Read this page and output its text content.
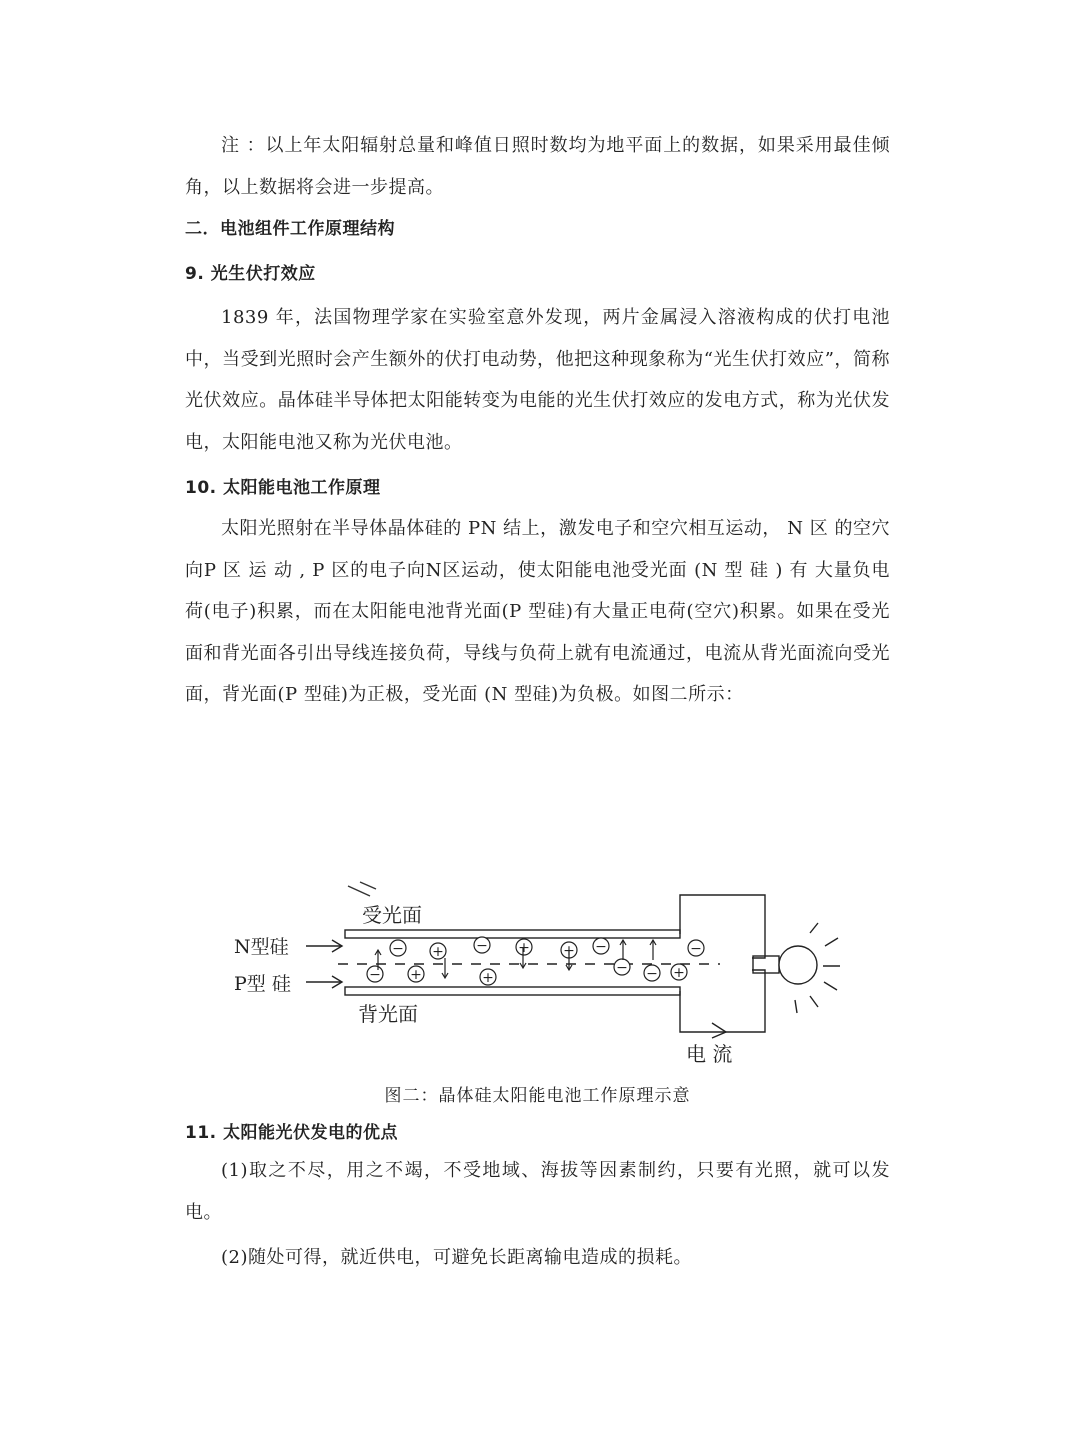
注 ：以上年太阳辐射总量和峰值日照时数均为地平面上的数据，如果采用最佳倾角，以上数据将会进一步提高。

二．电池组件工作原理结构
9. 光生伏打效应

1839 年，法国物理学家在实验室意外发现，两片金属浸入溶液构成的伏打电池中，当受到光照时会产生额外的伏打电动势，他把这种现象称为“光生伏打效应”，简称光伏效应。晶体硅半导体把太阳能转变为电能的光生伏打效应的发电方式，称为光伏发电，太阳能电池又称为光伏电池。

10. 太阳能电池工作原理

太阳光照射在半导体晶体硅的 PN 结上，激发电子和空穴相互运动， N 区 的空穴向P 区 运 动 , P 区的电子向N区运动，使太阳能电池受光面 (N 型 硅 ) 有 大量负电荷(电子)积累，而在太阳能电池背光面(P 型硅)有大量正电荷(空穴)积累。如果在受光面和背光面各引出导线连接负荷，导线与负荷上就有电流通过，电流从背光面流向受光面，背光面(P 型硅)为正极，受光面 (N 型硅)为负极。如图二所示：

受光面
背光面
N型硅
P型 硅
电 流
− + − + + −	−
− +	+
− − +
图二：晶体硅太阳能电池工作原理示意
11. 太阳能光伏发电的优点

(1)取之不尽，用之不竭，不受地域、海拔等因素制约，只要有光照，就可以发电。

(2)随处可得，就近供电，可避免长距离输电造成的损耗。
